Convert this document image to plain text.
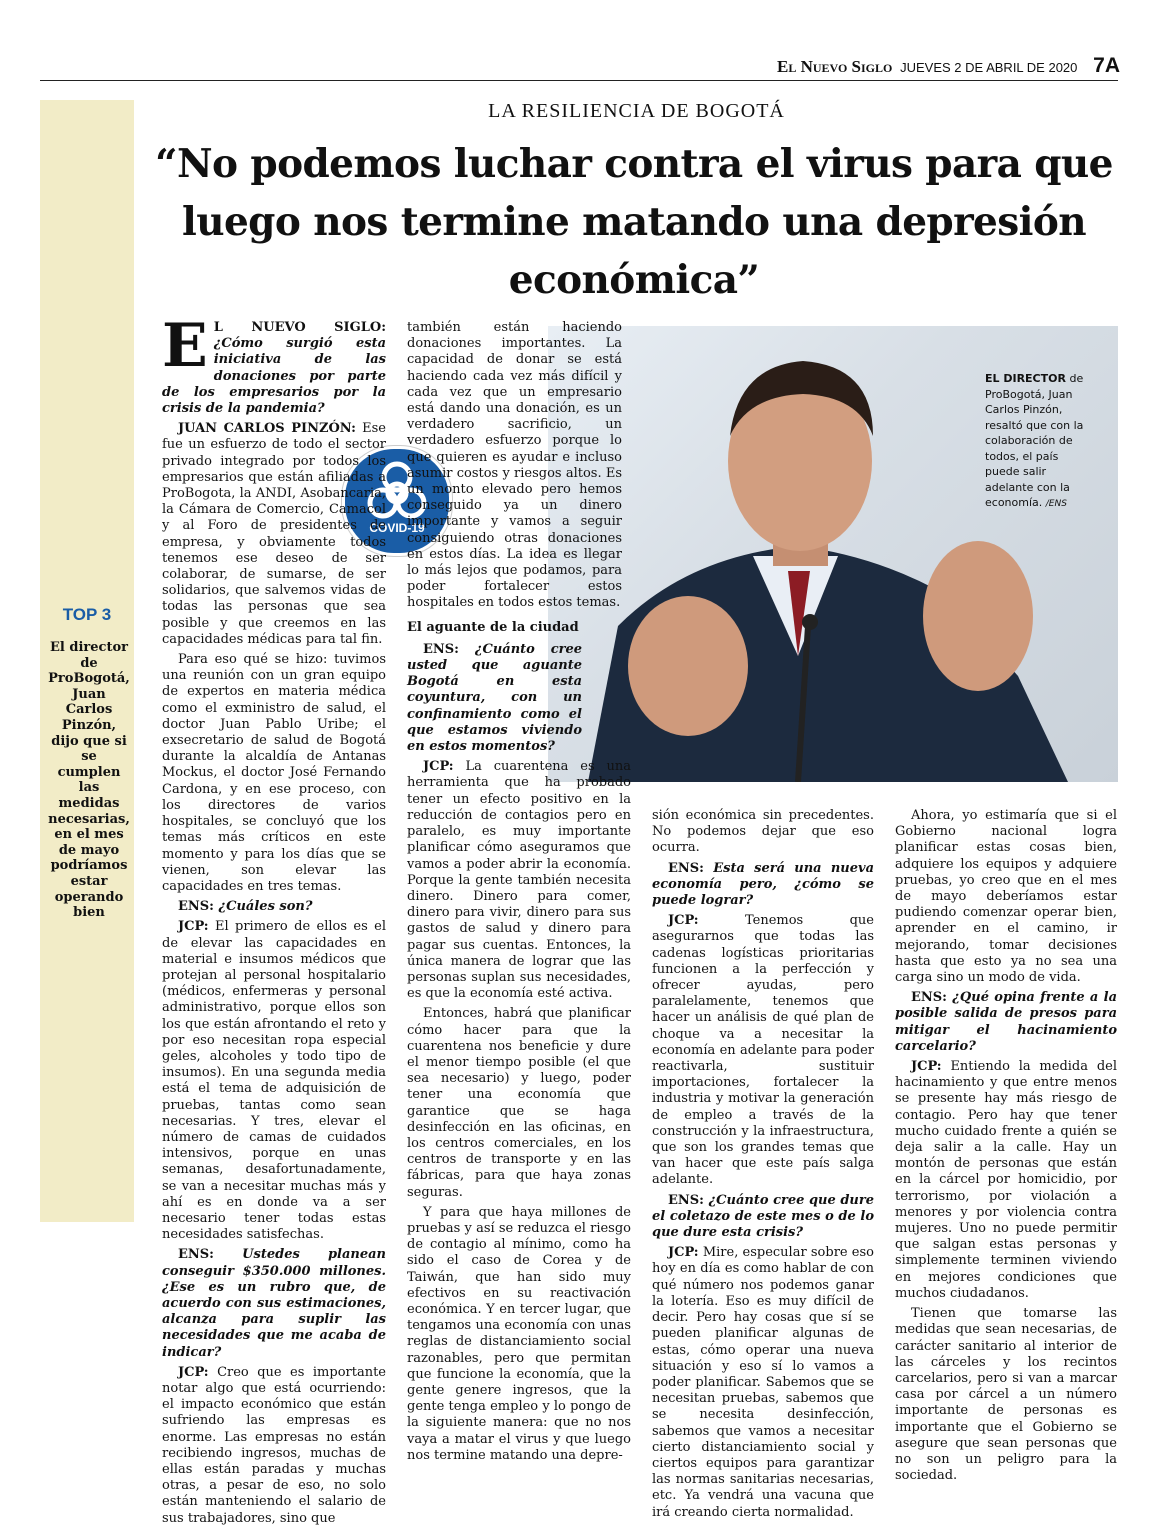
El Nuevo Siglo JUEVES 2 DE ABRIL DE 2020 7A
TOP 3
El director de ProBogotá, Juan Carlos Pinzón, dijo que si se cumplen las medidas necesarias, en el mes de mayo podríamos estar operando bien
LA RESILIENCIA DE BOGOTÁ
“No podemos luchar contra el virus para que luego nos termine matando una depresión económica”
EL DIRECTOR de ProBogotá, Juan Carlos Pinzón, resaltó que con la colaboración de todos, el país puede salir adelante con la economía. /ENS
COVID-19

E L NUEVO SIGLO: ¿Cómo surgió esta iniciativa de las donaciones por parte de los empresarios por la crisis de la pandemia?

JUAN CARLOS PINZÓN: Ese fue un esfuerzo de todo el sector privado integrado por todos los empresarios que están afiliadas a ProBogota, la ANDI, Asobancaria, la Cámara de Comercio, Camacol y al Foro de presidentes de empresa, y obviamente todos tenemos ese deseo de ser colaborar, de sumarse, de ser solidarios, que salvemos vidas de todas las personas que sea posible y que creemos en las capacidades médicas para tal fin.

Para eso qué se hizo: tuvimos una reunión con un gran equipo de expertos en materia médica como el exministro de salud, el doctor Juan Pablo Uribe; el exsecretario de salud de Bogotá durante la alcaldía de Antanas Mockus, el doctor José Fernando Cardona, y en ese proceso, con los directores de varios hospitales, se concluyó que los temas más críticos en este momento y para los días que se vienen, son elevar las capacidades en tres temas.

ENS: ¿Cuáles son?

JCP: El primero de ellos es el de elevar las capacidades en material e insumos médicos que protejan al personal hospitalario (médicos, enfermeras y personal administrativo, porque ellos son los que están afrontando el reto y por eso necesitan ropa especial geles, alcoholes y todo tipo de insumos). En una segunda media está el tema de adquisición de pruebas, tantas como sean necesarias. Y tres, elevar el número de camas de cuidados intensivos, porque en unas semanas, desafortunadamente, se van a necesitar muchas más y ahí es en donde va a ser necesario tener todas estas necesidades satisfechas.

ENS: Ustedes planean conseguir $350.000 millones. ¿Ese es un rubro que, de acuerdo con sus estimaciones, alcanza para suplir las necesidades que me acaba de indicar?

JCP: Creo que es importante notar algo que está ocurriendo: el impacto económico que están sufriendo las empresas es enorme. Las empresas no están recibiendo ingresos, muchas de ellas están paradas y muchas otras, a pesar de eso, no solo están manteniendo el salario de sus trabajadores, sino que

también están haciendo donaciones importantes. La capacidad de donar se está haciendo cada vez más difícil y cada vez que un empresario está dando una donación, es un verdadero sacrificio, un verdadero esfuerzo porque lo que quieren es ayudar e incluso asumir costos y riesgos altos. Es un monto elevado pero hemos conseguido ya un dinero importante y vamos a seguir consiguiendo otras donaciones en estos días. La idea es llegar lo más lejos que podamos, para poder fortalecer estos hospitales en todos estos temas.

El aguante de la ciudad

ENS: ¿Cuánto cree usted que aguante Bogotá en esta coyuntura, con un confinamiento como el que estamos viviendo en estos momentos?

JCP: La cuarentena es una herramienta que ha probado tener un efecto positivo en la reducción de contagios pero en paralelo, es muy importante planificar cómo aseguramos que vamos a poder abrir la economía. Porque la gente también necesita dinero. Dinero para comer, dinero para vivir, dinero para sus gastos de salud y dinero para pagar sus cuentas. Entonces, la única manera de lograr que las personas suplan sus necesidades, es que la economía esté activa.

Entonces, habrá que planificar cómo hacer para que la cuarentena nos beneficie y dure el menor tiempo posible (el que sea necesario) y luego, poder tener una economía que garantice que se haga desinfección en las oficinas, en los centros comerciales, en los centros de transporte y en las fábricas, para que haya zonas seguras.

Y para que haya millones de pruebas y así se reduzca el riesgo de contagio al mínimo, como ha sido el caso de Corea y de Taiwán, que han sido muy efectivos en su reactivación económica. Y en tercer lugar, que tengamos una economía con unas reglas de distanciamiento social razonables, pero que permitan que funcione la economía, que la gente genere ingresos, que la gente tenga empleo y lo pongo de la siguiente manera: que no nos vaya a matar el virus y que luego nos termine matando una depre-

sión económica sin precedentes. No podemos dejar que eso ocurra.

ENS: Esta será una nueva economía pero, ¿cómo se puede lograr?

JCP:	Tenemos que asegurarnos que todas las cadenas logísticas prioritarias funcionen a la perfección y ofrecer ayudas, pero paralelamente, tenemos que hacer un análisis de qué plan de choque va a necesitar la economía en adelante para poder reactivarla, sustituir importaciones, fortalecer la industria y motivar la generación de empleo a través de la construcción y la infraestructura, que son los grandes temas que van hacer que este país salga adelante.

ENS: ¿Cuánto cree que dure el coletazo de este mes o de lo que dure esta crisis?

JCP: Mire, especular sobre eso hoy en día es como hablar de con qué número nos podemos ganar la lotería. Eso es muy difícil de decir. Pero hay cosas que sí se pueden planificar algunas de estas, cómo operar una nueva situación y eso sí lo vamos a poder planificar. Sabemos que se necesitan pruebas, sabemos que se necesita desinfección, sabemos que vamos a necesitar cierto distanciamiento social y ciertos equipos para garantizar las normas sanitarias necesarias, etc. Ya vendrá una vacuna que irá creando cierta normalidad.

Ahora, yo estimaría que si el Gobierno nacional logra planificar estas cosas bien, adquiere los equipos y adquiere pruebas, yo creo que en el mes de mayo deberíamos estar pudiendo comenzar operar bien, aprender en el camino, ir mejorando, tomar decisiones hasta que esto ya no sea una carga sino un modo de vida.

ENS: ¿Qué opina frente a la posible salida de presos para mitigar el hacinamiento carcelario?

JCP: Entiendo la medida del hacinamiento y que entre menos se presente hay más riesgo de contagio. Pero hay que tener mucho cuidado frente a quién se deja salir a la calle. Hay un montón de personas que están en la cárcel por homicidio, por terrorismo, por violación a menores y por violencia contra mujeres. Uno no puede permitir que salgan estas personas y simplemente terminen viviendo en mejores condiciones que muchos ciudadanos.

Tienen que tomarse las medidas que sean necesarias, de carácter sanitario al interior de las cárceles y los recintos carcelarios, pero si van a marcar casa por cárcel a un número importante de personas es importante que el Gobierno se asegure que sean personas que no son un peligro para la sociedad.
